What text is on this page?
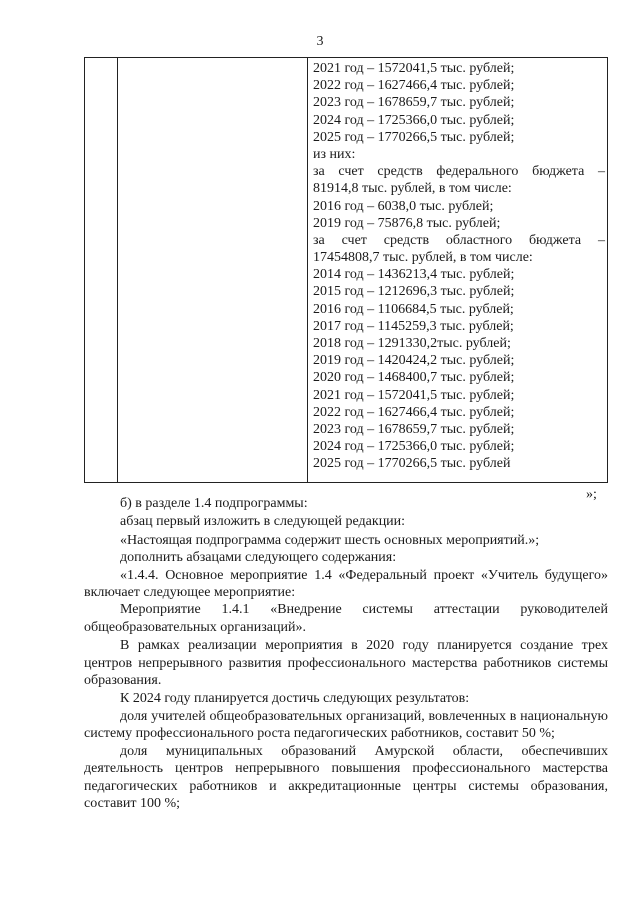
3
2021 год – 1572041,5 тыс. рублей;
2022 год – 1627466,4 тыс. рублей;
2023 год – 1678659,7 тыс. рублей;
2024 год – 1725366,0 тыс. рублей;
2025 год – 1770266,5 тыс. рублей;
из них:
за счет средств федерального бюджета –
81914,8 тыс. рублей, в том числе:
2016 год – 6038,0 тыс. рублей;
2019 год – 75876,8 тыс. рублей;
за счет средств областного бюджета –
17454808,7 тыс. рублей, в том числе:
2014 год – 1436213,4 тыс. рублей;
2015 год – 1212696,3 тыс. рублей;
2016 год – 1106684,5 тыс. рублей;
2017 год – 1145259,3 тыс. рублей;
2018 год – 1291330,2тыс. рублей;
2019 год – 1420424,2 тыс. рублей;
2020 год – 1468400,7 тыс. рублей;
2021 год – 1572041,5 тыс. рублей;
2022 год – 1627466,4 тыс. рублей;
2023 год – 1678659,7 тыс. рублей;
2024 год – 1725366,0 тыс. рублей;
2025 год – 1770266,5 тыс. рублей
»;

б) в разделе 1.4 подпрограммы:

абзац первый изложить в следующей редакции:

«Настоящая подпрограмма содержит шесть основных мероприятий.»;

дополнить абзацами следующего содержания:

«1.4.4. Основное мероприятие 1.4 «Федеральный проект «Учитель будущего» включает следующее мероприятие:

Мероприятие 1.4.1 «Внедрение системы аттестации руководителей общеобразовательных организаций».

В рамках реализации мероприятия в 2020 году планируется создание трех центров непрерывного развития профессионального мастерства работников системы образования.

К 2024 году планируется достичь следующих результатов:

доля учителей общеобразовательных организаций, вовлеченных в национальную систему профессионального роста педагогических работников, составит 50 %;

доля муниципальных образований Амурской области, обеспечивших деятельность центров непрерывного повышения профессионального мастерства педагогических работников и аккредитационные центры системы образования, составит 100 %;
